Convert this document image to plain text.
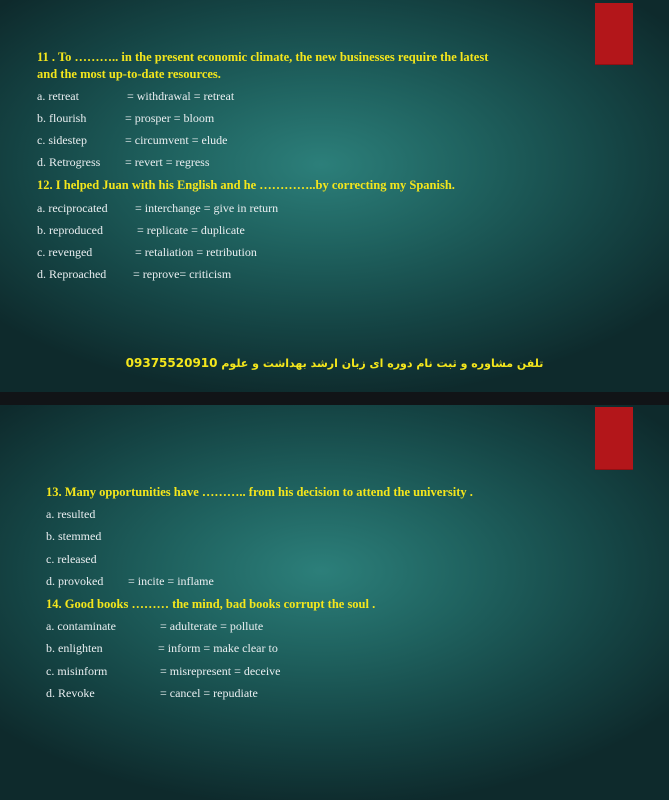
11 . To ……….. in the present economic climate, the new businesses require the latest
and the most up-to-date resources.
a. retreat	= withdrawal = retreat
b. flourish	= prosper = bloom
c. sidestep	= circumvent = elude
d. Retrogress = revert = regress
12. I helped Juan with his English and he …………..by correcting my Spanish.
a. reciprocated = interchange = give in return
b. reproduced	= replicate = duplicate
c. revenged	= retaliation = retribution
d. Reproached = reprove= criticism
تلفن مشاوره و ثبت نام دوره ای زبان ارشد بهداشت و علوم 09375520910
13. Many opportunities have ……….. from his decision to attend the university .
a. resulted
b. stemmed
c. released
d. provoked = incite = inflame
14. Good books ……… the mind, bad books corrupt the soul .
a. contaminate	= adulterate = pollute
b. enlighten	= inform = make clear to
c. misinform	= misrepresent = deceive
d. Revoke	= cancel = repudiate
